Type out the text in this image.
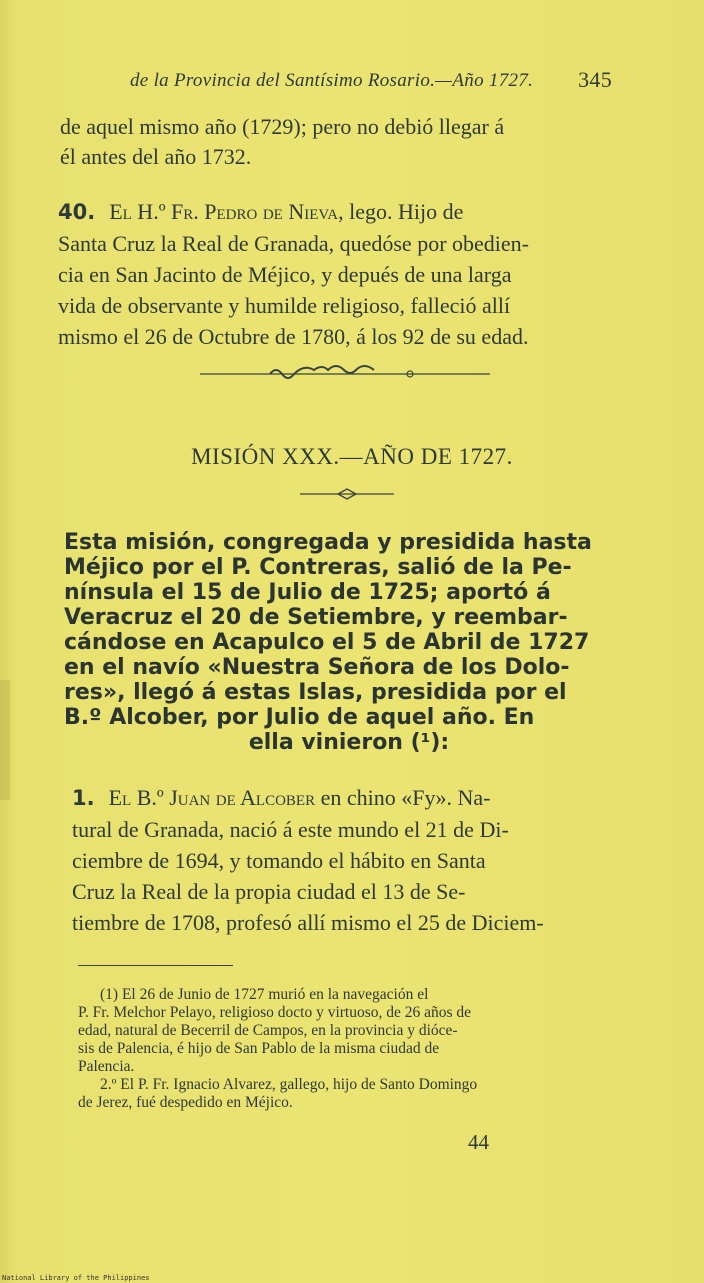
de la Provincia del Santísimo Rosario.—Año 1727. 345
de aquel mismo año (1729); pero no debió llegar á
él antes del año 1732.
40. El H.º Fr. Pedro de Nieva, lego. Hijo de
Santa Cruz la Real de Granada, quedóse por obedien-
cia en San Jacinto de Méjico, y depués de una larga
vida de observante y humilde religioso, falleció allí
mismo el 26 de Octubre de 1780, á los 92 de su edad.
MISIÓN XXX.—AÑO DE 1727.
Esta misión, congregada y presidida hasta
Méjico por el P. Contreras, salió de la Pe-
nínsula el 15 de Julio de 1725; aportó á
Veracruz el 20 de Setiembre, y reembar-
cándose en Acapulco el 5 de Abril de 1727
en el navío «Nuestra Señora de los Dolo-
res», llegó á estas Islas, presidida por el
B.º Alcober, por Julio de aquel año. En
ella vinieron (¹):
1. El B.º Juan de Alcober en chino «Fy». Na-
tural de Granada, nació á este mundo el 21 de Di-
ciembre de 1694, y tomando el hábito en Santa
Cruz la Real de la propia ciudad el 13 de Se-
tiembre de 1708, profesó allí mismo el 25 de Diciem-
(1) El 26 de Junio de 1727 murió en la navegación el
P. Fr. Melchor Pelayo, religioso docto y virtuoso, de 26 años de
edad, natural de Becerril de Campos, en la provincia y dióce-
sis de Palencia, é hijo de San Pablo de la misma ciudad de
Palencia.
2.º El P. Fr. Ignacio Alvarez, gallego, hijo de Santo Domingo
de Jerez, fué despedido en Méjico.
44
National Library of the Philippines
